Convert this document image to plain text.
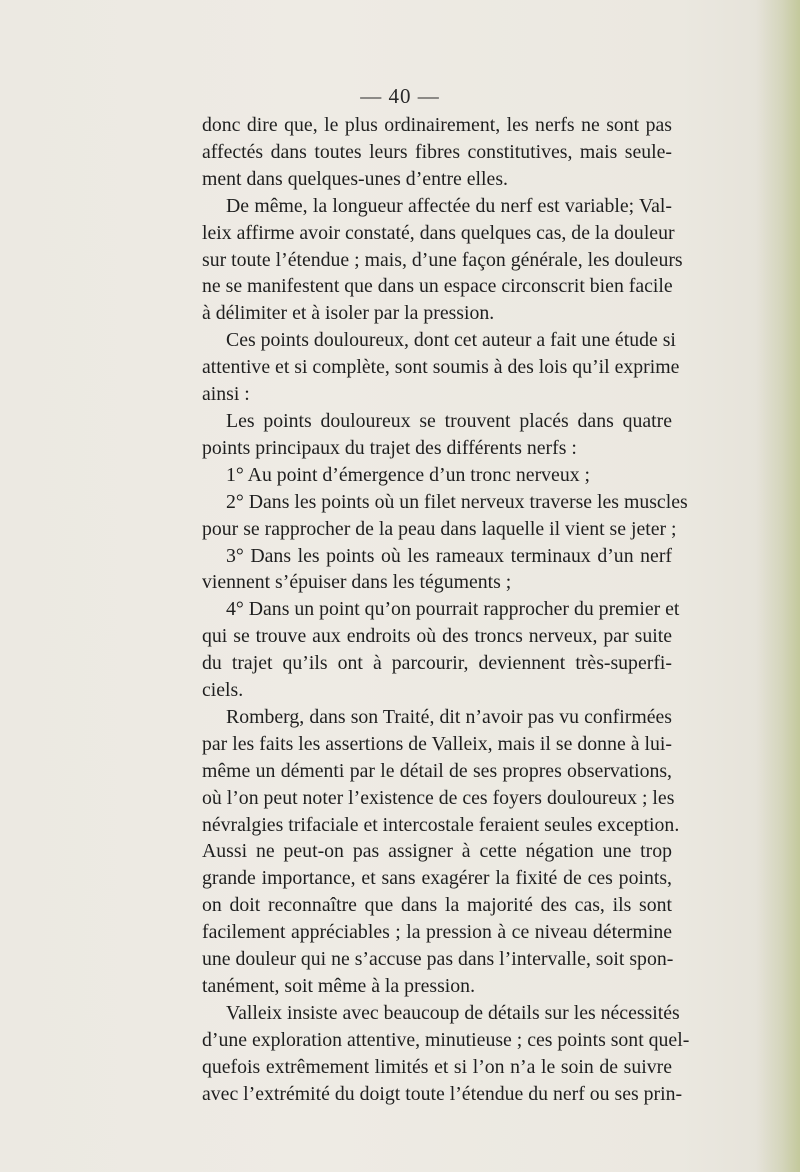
— 40 —
donc dire que, le plus ordinairement, les nerfs ne sont pas
affectés dans toutes leurs fibres constitutives, mais seule-
ment dans quelques-unes d’entre elles.
De même, la longueur affectée du nerf est variable; Val-
leix affirme avoir constaté, dans quelques cas, de la douleur
sur toute l’étendue ; mais, d’une façon générale, les douleurs
ne se manifestent que dans un espace circonscrit bien facile
à délimiter et à isoler par la pression.
Ces points douloureux, dont cet auteur a fait une étude si
attentive et si complète, sont soumis à des lois qu’il exprime
ainsi :
Les points douloureux se trouvent placés dans quatre
points principaux du trajet des différents nerfs :
1° Au point d’émergence d’un tronc nerveux ;
2° Dans les points où un filet nerveux traverse les muscles
pour se rapprocher de la peau dans laquelle il vient se jeter ;
3° Dans les points où les rameaux terminaux d’un nerf
viennent s’épuiser dans les téguments ;
4° Dans un point qu’on pourrait rapprocher du premier et
qui se trouve aux endroits où des troncs nerveux, par suite
du trajet qu’ils ont à parcourir, deviennent très-superfi-
ciels.
Romberg, dans son Traité, dit n’avoir pas vu confirmées
par les faits les assertions de Valleix, mais il se donne à lui-
même un démenti par le détail de ses propres observations,
où l’on peut noter l’existence de ces foyers douloureux ; les
névralgies trifaciale et intercostale feraient seules exception.
Aussi ne peut-on pas assigner à cette négation une trop
grande importance, et sans exagérer la fixité de ces points,
on doit reconnaître que dans la majorité des cas, ils sont
facilement appréciables ; la pression à ce niveau détermine
une douleur qui ne s’accuse pas dans l’intervalle, soit spon-
tanément, soit même à la pression.
Valleix insiste avec beaucoup de détails sur les nécessités
d’une exploration attentive, minutieuse ; ces points sont quel-
quefois extrêmement limités et si l’on n’a le soin de suivre
avec l’extrémité du doigt toute l’étendue du nerf ou ses prin-
